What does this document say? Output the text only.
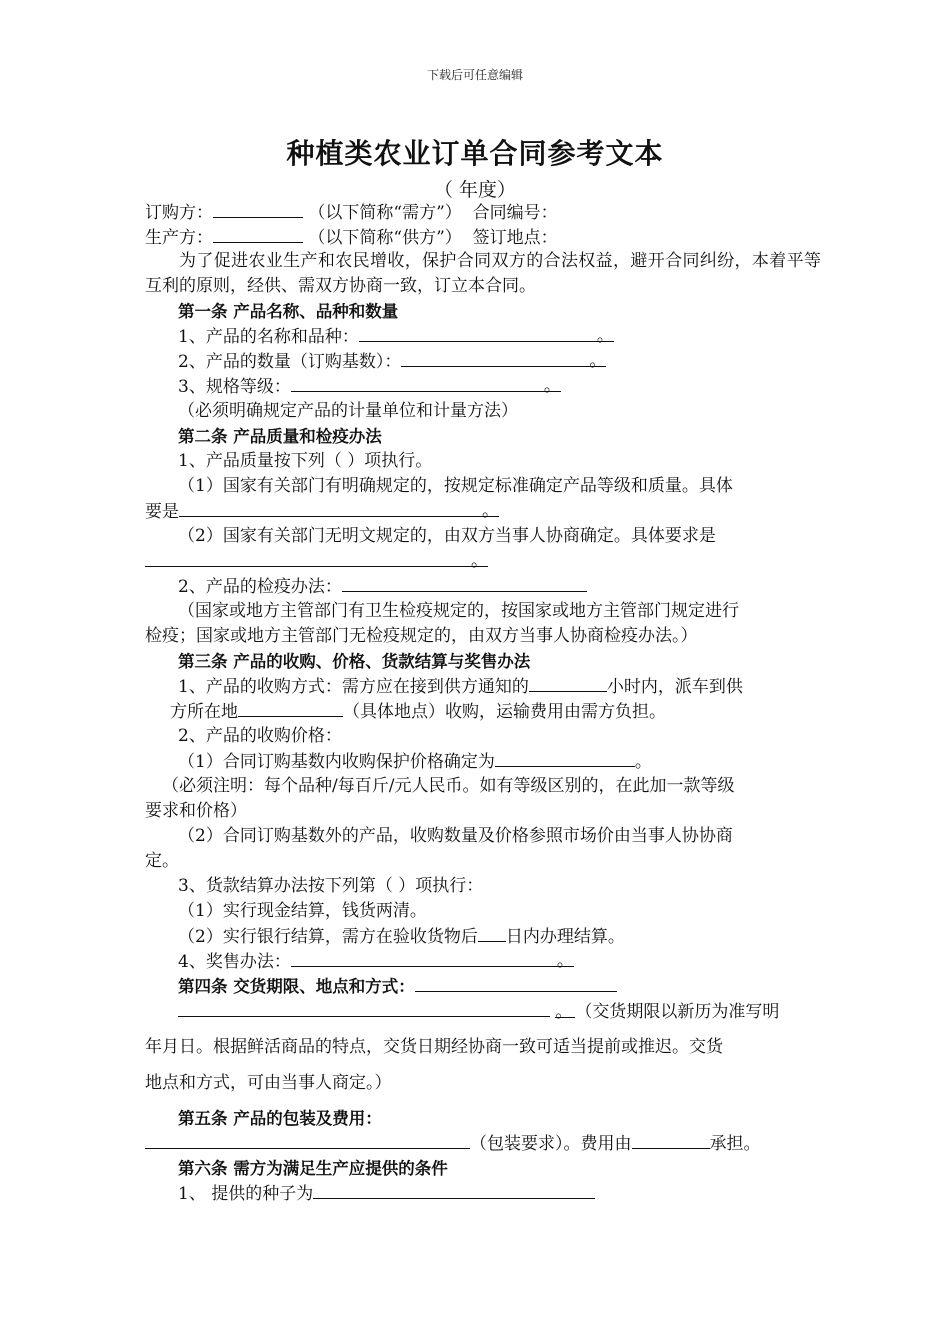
下载后可任意编辑
种植类农业订单合同参考文本
（ 年度）
订购方：	（以下简称“需方”） 合同编号：
生产方：	（以下简称“供方”） 签订地点：
为了促进农业生产和农民增收，保护合同双方的合法权益，避开合同纠纷，本着平等互利的原则，经供、需双方协商一致，订立本合同。
第一条 产品名称、品种和数量
1、产品的名称和品种：	。
2、产品的数量（订购基数）：	。
3、规格等级：	。
（必须明确规定产品的计量单位和计量方法）
第二条 产品质量和检疫办法
1、产品质量按下列（ ）项执行。
（1）国家有关部门有明确规定的，按规定标准确定产品等级和质量。具体
要是	。
（2）国家有关部门无明文规定的，由双方当事人协商确定。具体要求是
。
2、产品的检疫办法：
（国家或地方主管部门有卫生检疫规定的，按国家或地方主管部门规定进行
检疫；国家或地方主管部门无检疫规定的，由双方当事人协商检疫办法。）
第三条 产品的收购、价格、货款结算与奖售办法
1、产品的收购方式：需方应在接到供方通知的	小时内，派车到供
方所在地	（具体地点）收购，运输费用由需方负担。
2、产品的收购价格：
（1）合同订购基数内收购保护价格确定为	。
（必须注明：每个品种/每百斤/元人民币。如有等级区别的，在此加一款等级
要求和价格）
（2）合同订购基数外的产品，收购数量及价格参照市场价由当事人协协商
定。
3、货款结算办法按下列第（ ）项执行：
（1）实行现金结算，钱货两清。
（2）实行银行结算，需方在验收货物后 日内办理结算。
4、奖售办法：	。
第四条 交货期限、地点和方式：
。 （交货期限以新历为准写明
年月日。根据鲜活商品的特点，交货日期经协商一致可适当提前或推迟。交货
地点和方式，可由当事人商定。）
第五条 产品的包装及费用：
（包装要求）。费用由	承担。
第六条 需方为满足生产应提供的条件
1、 提供的种子为
